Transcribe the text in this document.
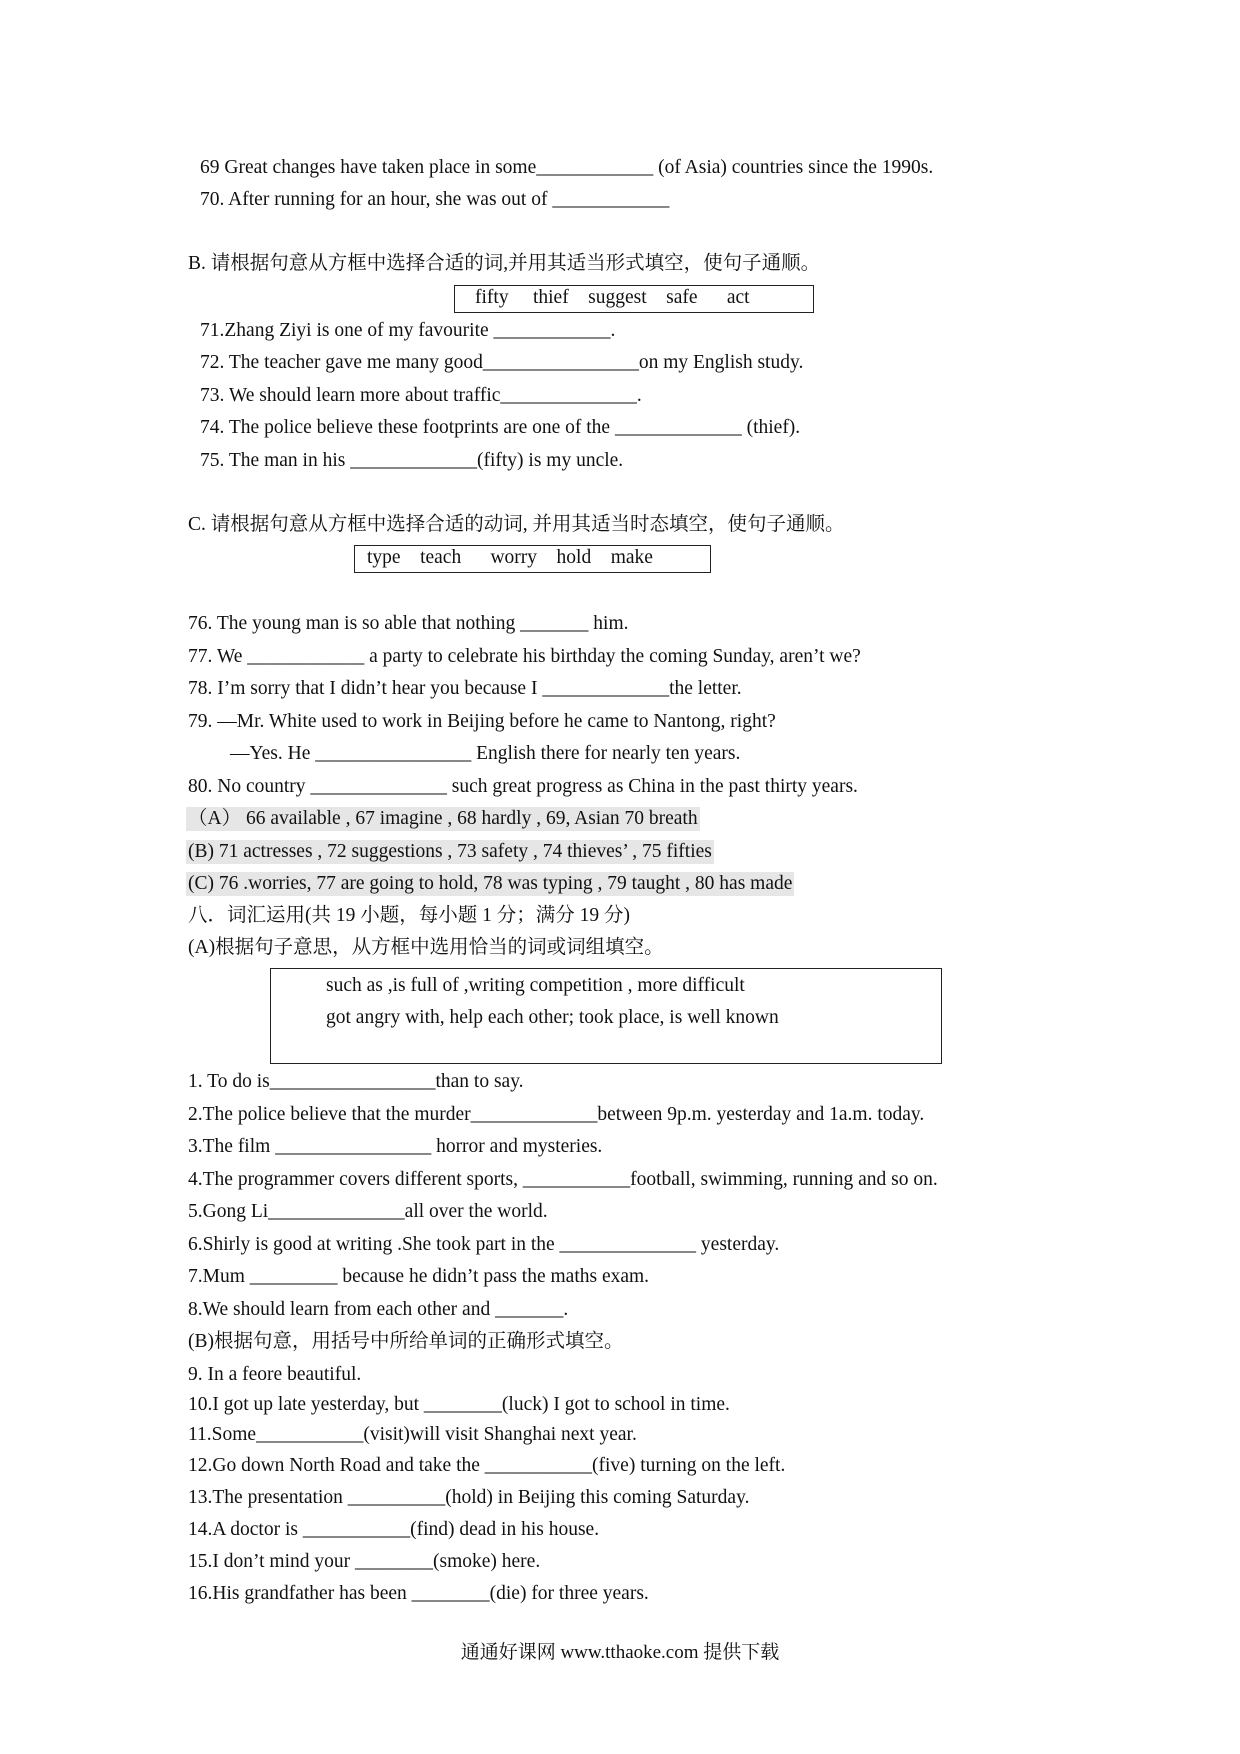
69 Great changes have taken place in some____________ (of Asia) countries since the 1990s.
70. After running for an hour, she was out of ____________
B. 请根据句意从方框中选择合适的词,并用其适当形式填空，使句子通顺。
fifty     thief    suggest    safe      act
71.Zhang Ziyi is one of my favourite ____________.
72. The teacher gave me many good________________on my English study.
73. We should learn more about traffic______________.
74. The police believe these footprints are one of the _____________ (thief).
75. The man in his _____________(fifty) is my uncle.
C. 请根据句意从方框中选择合适的动词, 并用其适当时态填空，使句子通顺。
type    teach      worry    hold    make
76. The young man is so able that nothing _______ him.
77. We ____________ a party to celebrate his birthday the coming Sunday, aren’t we?
78. I’m sorry that I didn’t hear you because I _____________the letter.
79. —Mr. White used to work in Beijing before he came to Nantong, right?
—Yes. He ________________ English there for nearly ten years.
80. No country ______________ such great progress as China in the past thirty years.
（A） 66 available , 67 imagine , 68 hardly , 69, Asian 70 breath
(B) 71 actresses , 72 suggestions , 73 safety , 74 thieves’ , 75 fifties
(C) 76 .worries, 77 are going to hold, 78 was typing , 79 taught , 80 has made
八．词汇运用(共 19 小题，每小题 1 分；满分 19 分)
(A)根据句子意思，从方框中选用恰当的词或词组填空。
such as ,is full of ,writing competition , more difficult
got angry with, help each other; took place, is well known
1. To do is_________________than to say.
2.The police believe that the murder_____________between 9p.m. yesterday and 1a.m. today.
3.The film ________________ horror and mysteries.
4.The programmer covers different sports, ___________football, swimming, running and so on.
5.Gong Li______________all over the world.
6.Shirly is good at writing .She took part in the ______________ yesterday.
7.Mum _________ because he didn’t pass the maths exam.
8.We should learn from each other and _______.
(B)根据句意，用括号中所给单词的正确形式填空。
9. In a feore beautiful.
10.I got up late yesterday, but ________(luck) I got to school in time.
11.Some___________(visit)will visit Shanghai next year.
12.Go down North Road and take the ___________(five) turning on the left.
13.The presentation __________(hold) in Beijing this coming Saturday.
14.A doctor is ___________(find) dead in his house.
15.I don’t mind your ________(smoke) here.
16.His grandfather has been ________(die) for three years.
通通好课网 www.tthaoke.com 提供下载
